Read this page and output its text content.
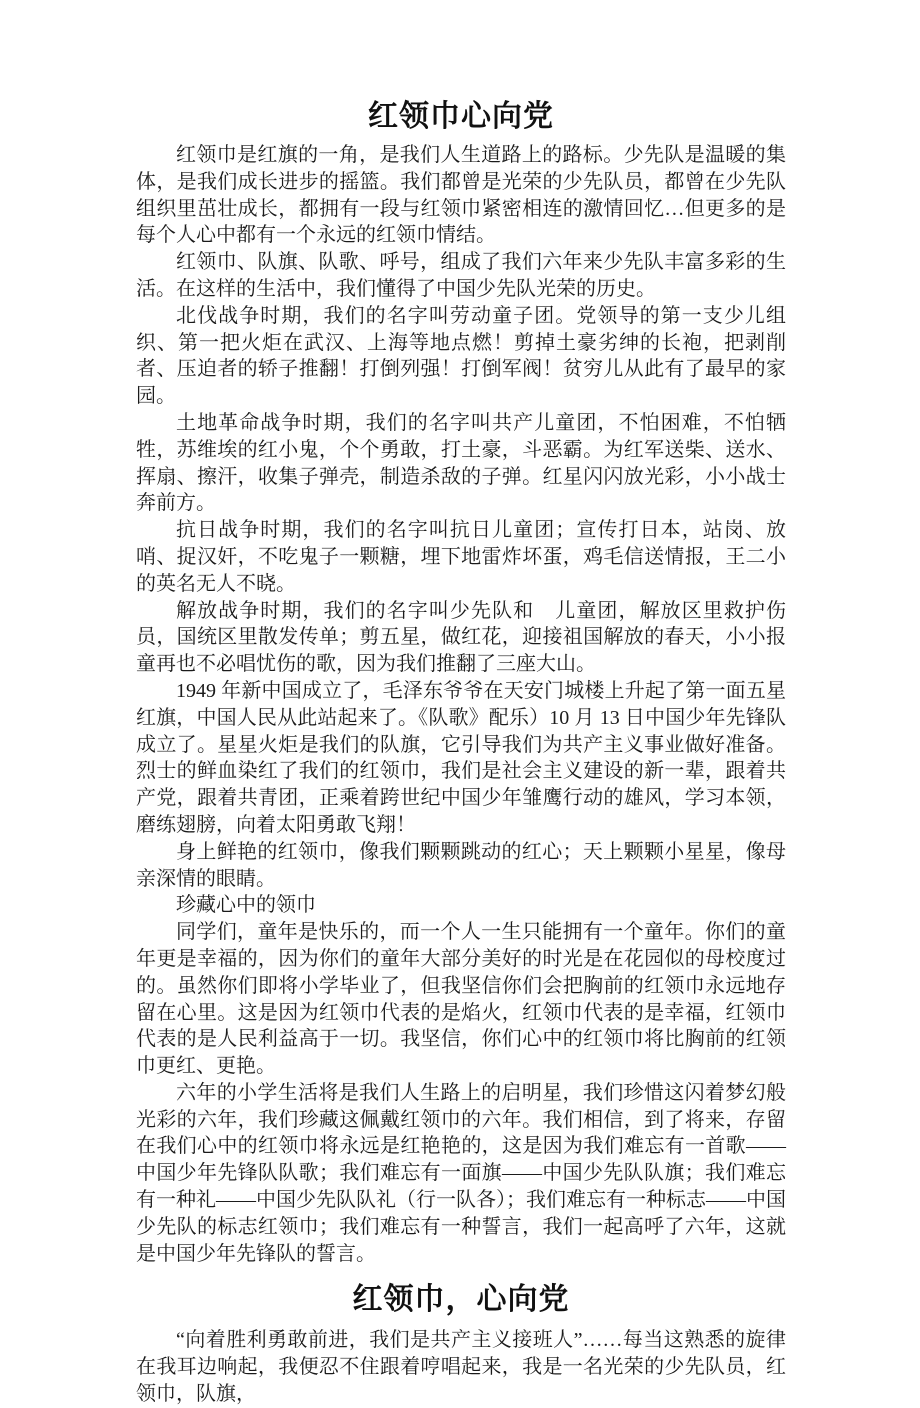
红领巾心向党

红领巾是红旗的一角，是我们人生道路上的路标。少先队是温暖的集体，是我们成长进步的摇篮。我们都曾是光荣的少先队员，都曾在少先队组织里茁壮成长，都拥有一段与红领巾紧密相连的激情回忆…但更多的是每个人心中都有一个永远的红领巾情结。

红领巾、队旗、队歌、呼号，组成了我们六年来少先队丰富多彩的生活。在这样的生活中，我们懂得了中国少先队光荣的历史。

北伐战争时期，我们的名字叫劳动童子团。党领导的第一支少儿组织、第一把火炬在武汉、上海等地点燃！剪掉土豪劣绅的长袍，把剥削者、压迫者的轿子推翻！打倒列强！打倒军阀！贫穷儿从此有了最早的家园。

土地革命战争时期，我们的名字叫共产儿童团，不怕困难，不怕牺牲，苏维埃的红小鬼，个个勇敢，打土豪，斗恶霸。为红军送柴、送水、挥扇、擦汗，收集子弹壳，制造杀敌的子弹。红星闪闪放光彩，小小战士奔前方。

抗日战争时期，我们的名字叫抗日儿童团；宣传打日本，站岗、放哨、捉汉奸，不吃鬼子一颗糖，埋下地雷炸坏蛋，鸡毛信送情报，王二小的英名无人不晓。

解放战争时期，我们的名字叫少先队和　儿童团，解放区里救护伤员，国统区里散发传单；剪五星，做红花，迎接祖国解放的春天，小小报童再也不必唱忧伤的歌，因为我们推翻了三座大山。

1949 年新中国成立了，毛泽东爷爷在天安门城楼上升起了第一面五星红旗，中国人民从此站起来了。《队歌》配乐）10 月 13 日中国少年先锋队成立了。星星火炬是我们的队旗，它引导我们为共产主义事业做好准备。烈士的鲜血染红了我们的红领巾，我们是社会主义建设的新一辈，跟着共产党，跟着共青团，正乘着跨世纪中国少年雏鹰行动的雄风，学习本领，磨练翅膀，向着太阳勇敢飞翔！

身上鲜艳的红领巾，像我们颗颗跳动的红心；天上颗颗小星星，像母亲深情的眼睛。

珍藏心中的领巾

同学们，童年是快乐的，而一个人一生只能拥有一个童年。你们的童年更是幸福的，因为你们的童年大部分美好的时光是在花园似的母校度过的。虽然你们即将小学毕业了，但我坚信你们会把胸前的红领巾永远地存留在心里。这是因为红领巾代表的是焰火，红领巾代表的是幸福，红领巾代表的是人民利益高于一切。我坚信，你们心中的红领巾将比胸前的红领巾更红、更艳。

六年的小学生活将是我们人生路上的启明星，我们珍惜这闪着梦幻般光彩的六年，我们珍藏这佩戴红领巾的六年。我们相信，到了将来，存留在我们心中的红领巾将永远是红艳艳的，这是因为我们难忘有一首歌——中国少年先锋队队歌；我们难忘有一面旗——中国少先队队旗；我们难忘有一种礼——中国少先队队礼（行一队各）；我们难忘有一种标志——中国少先队的标志红领巾；我们难忘有一种誓言，我们一起高呼了六年，这就是中国少年先锋队的誓言。

红领巾，心向党

“向着胜利勇敢前进，我们是共产主义接班人”……每当这熟悉的旋律在我耳边响起，我便忍不住跟着哼唱起来，我是一名光荣的少先队员，红领巾，队旗，
